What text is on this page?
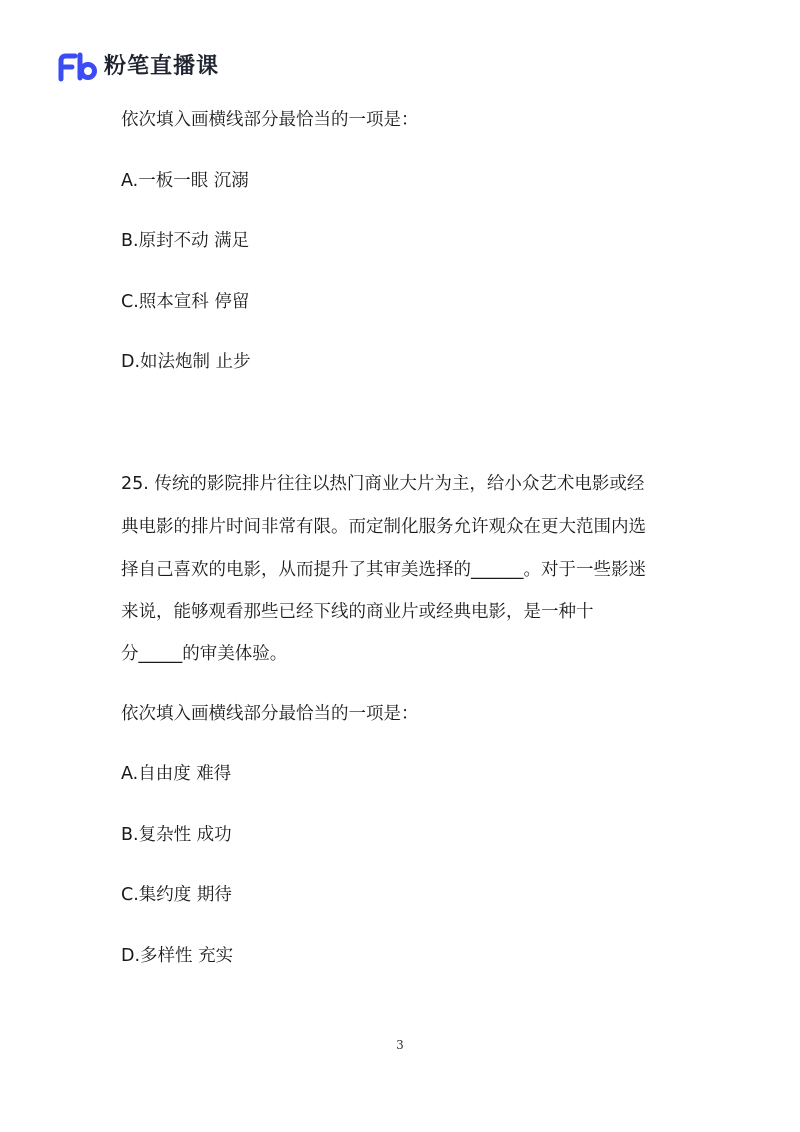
粉笔直播课
依次填入画横线部分最恰当的一项是：
A.一板一眼 沉溺
B.原封不动 满足
C.照本宣科 停留
D.如法炮制 止步
25. 传统的影院排片往往以热门商业大片为主，给小众艺术电影或经
典电影的排片时间非常有限。而定制化服务允许观众在更大范围内选
择自己喜欢的电影，从而提升了其审美选择的______。对于一些影迷
来说，能够观看那些已经下线的商业片或经典电影，是一种十
分_____的审美体验。
依次填入画横线部分最恰当的一项是：
A.自由度 难得
B.复杂性 成功
C.集约度 期待
D.多样性 充实
3
